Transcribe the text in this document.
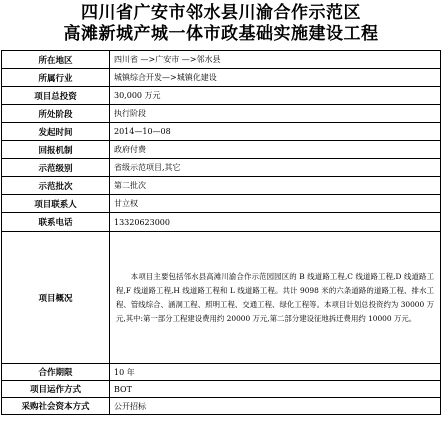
四川省广安市邻水县川渝合作示范区
高滩新城产城一体市政基础实施建设工程
所在地区	四川省 —>广安市 —>邻水县
所属行业	城镇综合开发—>城镇化建设
项目总投资	30,000 万元
所处阶段	执行阶段
发起时间	2014—10—08
回报机制	政府付费
示范级别	省级示范项目,其它
示范批次	第二批次
项目联系人	甘立权
联系电话	13320623000
项目概况	本项目主要包括邻水县高滩川渝合作示范园园区的 B 线道路工程,C 线道路工程,D 线道路工程,F 线道路工程,H 线道路工程和 L 线道路工程。共计 9098 米的六条道路的道路工程、排水工程、管线综合、涵洞工程、照明工程、交通工程、绿化工程等。本项目计划总投资约为 30000 万元,其中:第一部分工程建设费用约 20000 万元,第二部分建设征地拆迁费用约 10000 万元。
合作期限	10 年
项目运作方式	BOT
采购社会资本方式	公开招标
